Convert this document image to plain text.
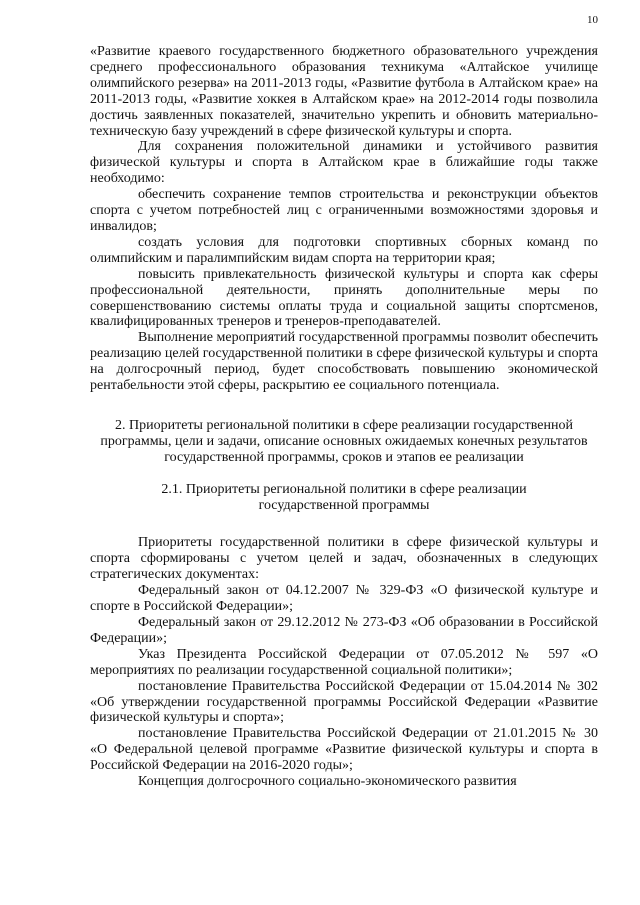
10

«Развитие краевого государственного бюджетного образовательного учреждения среднего профессионального образования техникума «Алтайское училище олимпийского резерва» на 2011-2013 годы, «Развитие футбола в Алтайском крае» на 2011-2013 годы, «Развитие хоккея в Алтайском крае» на 2012-2014 годы позволила достичь заявленных показателей, значительно укрепить и обновить материально-техническую базу учреждений в сфере физической культуры и спорта.

Для сохранения положительной динамики и устойчивого развития физической культуры и спорта в Алтайском крае в ближайшие годы также необходимо:

обеспечить сохранение темпов строительства и реконструкции объектов спорта с учетом потребностей лиц с ограниченными возможностями здоровья и инвалидов;

создать условия для подготовки спортивных сборных команд по олимпийским и паралимпийским видам спорта на территории края;

повысить привлекательность физической культуры и спорта как сферы профессиональной деятельности, принять дополнительные меры по совершенствованию системы оплаты труда и социальной защиты спортсменов, квалифицированных тренеров и тренеров-преподавателей.

Выполнение мероприятий государственной программы позволит обеспечить реализацию целей государственной политики в сфере физической культуры и спорта на долгосрочный период, будет способствовать повышению экономической рентабельности этой сферы, раскрытию ее социального потенциала.

2. Приоритеты региональной политики в сфере реализации государственной программы, цели и задачи, описание основных ожидаемых конечных результатов государственной программы, сроков и этапов ее реализации

2.1. Приоритеты региональной политики в сфере реализации государственной программы

Приоритеты государственной политики в сфере физической культуры и спорта сформированы с учетом целей и задач, обозначенных в следующих стратегических документах:

Федеральный закон от 04.12.2007 № 329-ФЗ «О физической культуре и спорте в Российской Федерации»;

Федеральный закон от 29.12.2012 № 273-ФЗ «Об образовании в Российской Федерации»;

Указ Президента Российской Федерации от 07.05.2012 № 597 «О мероприятиях по реализации государственной социальной политики»;

постановление Правительства Российской Федерации от 15.04.2014 № 302 «Об утверждении государственной программы Российской Федерации «Развитие физической культуры и спорта»;

постановление Правительства Российской Федерации от 21.01.2015 № 30 «О Федеральной целевой программе «Развитие физической культуры и спорта в Российской Федерации на 2016-2020 годы»;

Концепция долгосрочного социально-экономического развития
